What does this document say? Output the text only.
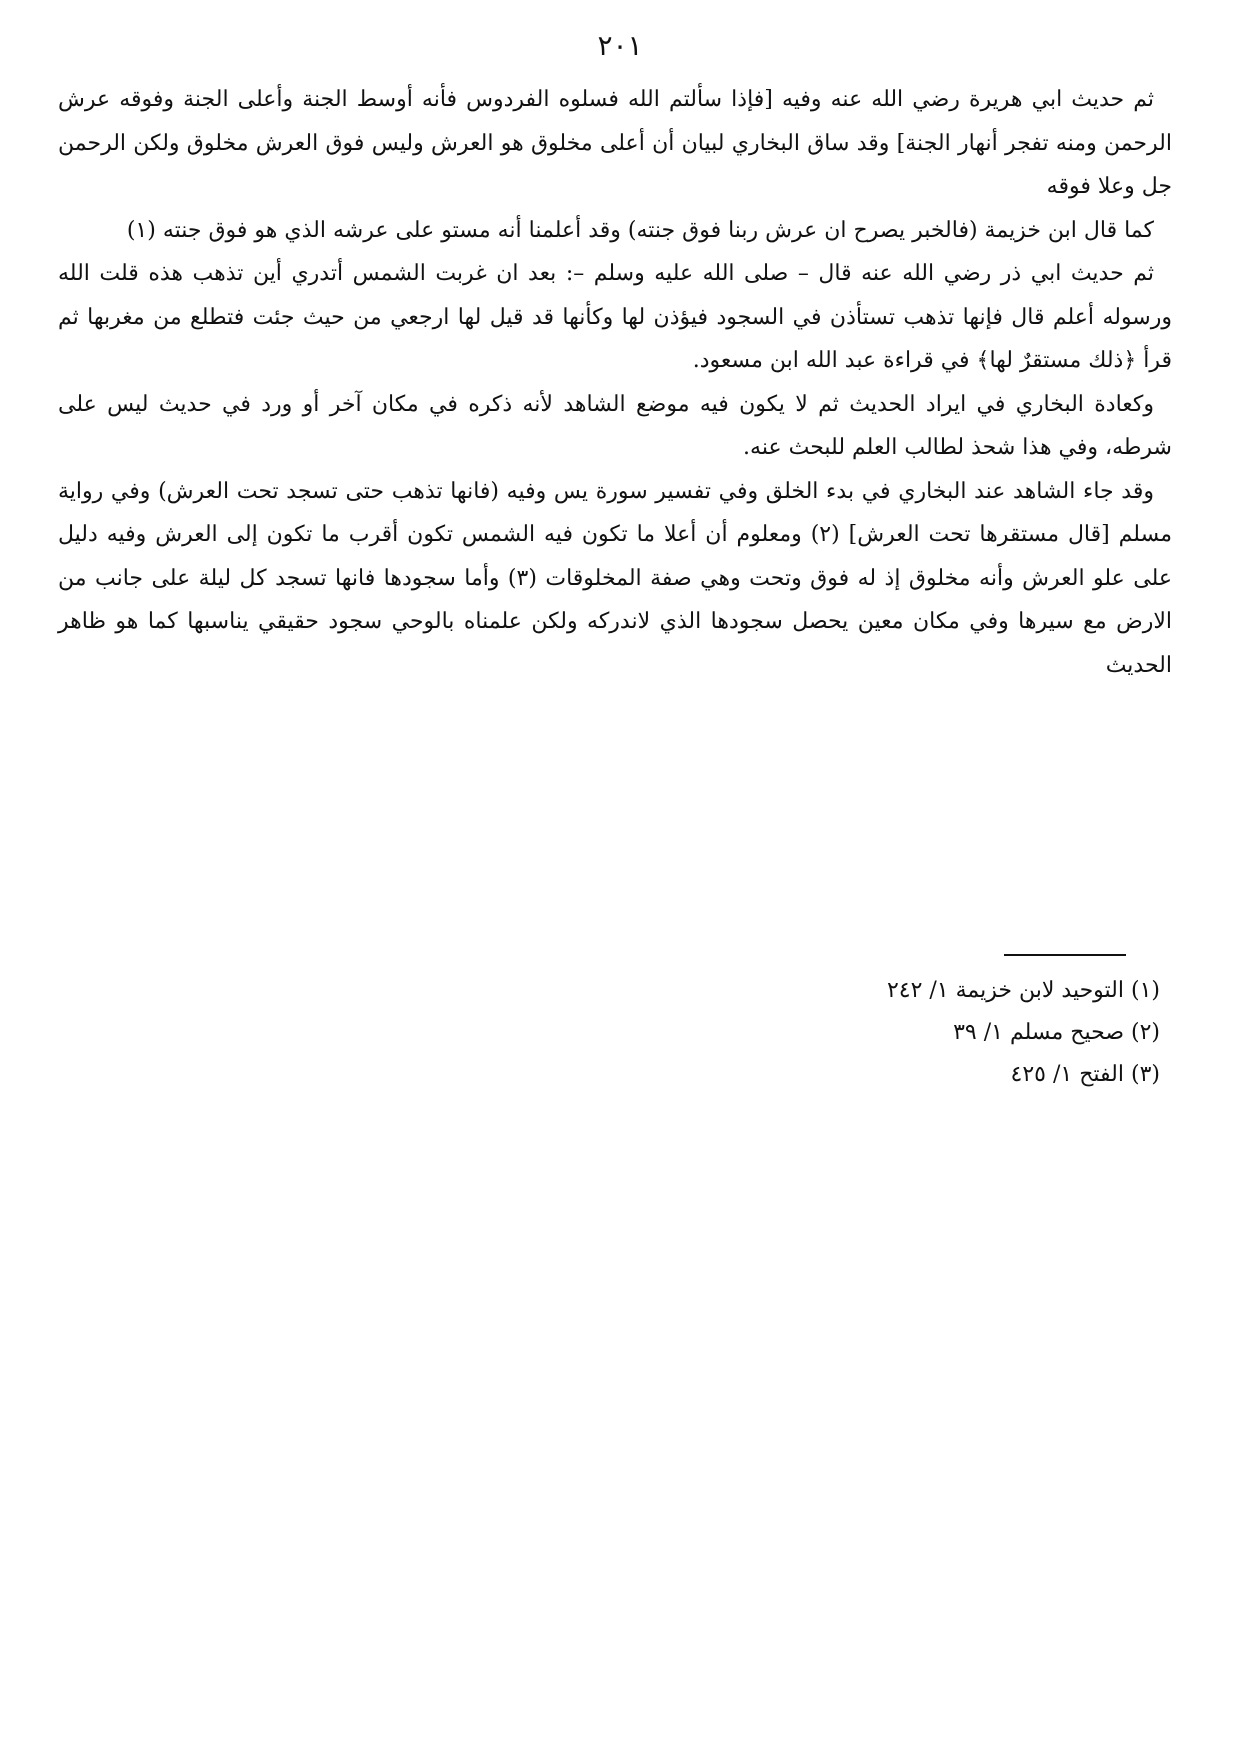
٢٠١

ثم حديث ابي هريرة رضي الله عنه وفيه [فإذا سألتم الله فسلوه الفردوس فأنه أوسط الجنة وأعلى الجنة وفوقه عرش الرحمن ومنه تفجر أنهار الجنة] وقد ساق البخاري لبيان أن أعلى مخلوق هو العرش وليس فوق العرش مخلوق ولكن الرحمن جل وعلا فوقه

كما قال ابن خزيمة (فالخبر يصرح ان عرش ربنا فوق جنته) وقد أعلمنا أنه مستو على عرشه الذي هو فوق جنته (١)

ثم حديث ابي ذر رضي الله عنه قال – صلى الله عليه وسلم –: بعد ان غربت الشمس أتدري أين تذهب هذه قلت الله ورسوله أعلم قال فإنها تذهب تستأذن في السجود فيؤذن لها وكأنها قد قيل لها ارجعي من حيث جئت فتطلع من مغربها ثم قرأ ﴿ذلك مستقرٌ لها﴾ في قراءة عبد الله ابن مسعود.

وكعادة البخاري في ايراد الحديث ثم لا يكون فيه موضع الشاهد لأنه ذكره في مكان آخر أو ورد في حديث ليس على شرطه، وفي هذا شحذ لطالب العلم للبحث عنه.

وقد جاء الشاهد عند البخاري في بدء الخلق وفي تفسير سورة يس وفيه (فانها تذهب حتى تسجد تحت العرش) وفي رواية مسلم [قال مستقرها تحت العرش] (٢) ومعلوم أن أعلا ما تكون فيه الشمس تكون أقرب ما تكون إلى العرش وفيه دليل على علو العرش وأنه مخلوق إذ له فوق وتحت وهي صفة المخلوقات (٣) وأما سجودها فانها تسجد كل ليلة على جانب من الارض مع سيرها وفي مكان معين يحصل سجودها الذي لاندركه ولكن علمناه بالوحي سجود حقيقي يناسبها كما هو ظاهر الحديث

(١) التوحيد لابن خزيمة ١/ ٢٤٢

(٢) صحيح مسلم ١/ ٣٩

(٣) الفتح ١/ ٤٢٥
